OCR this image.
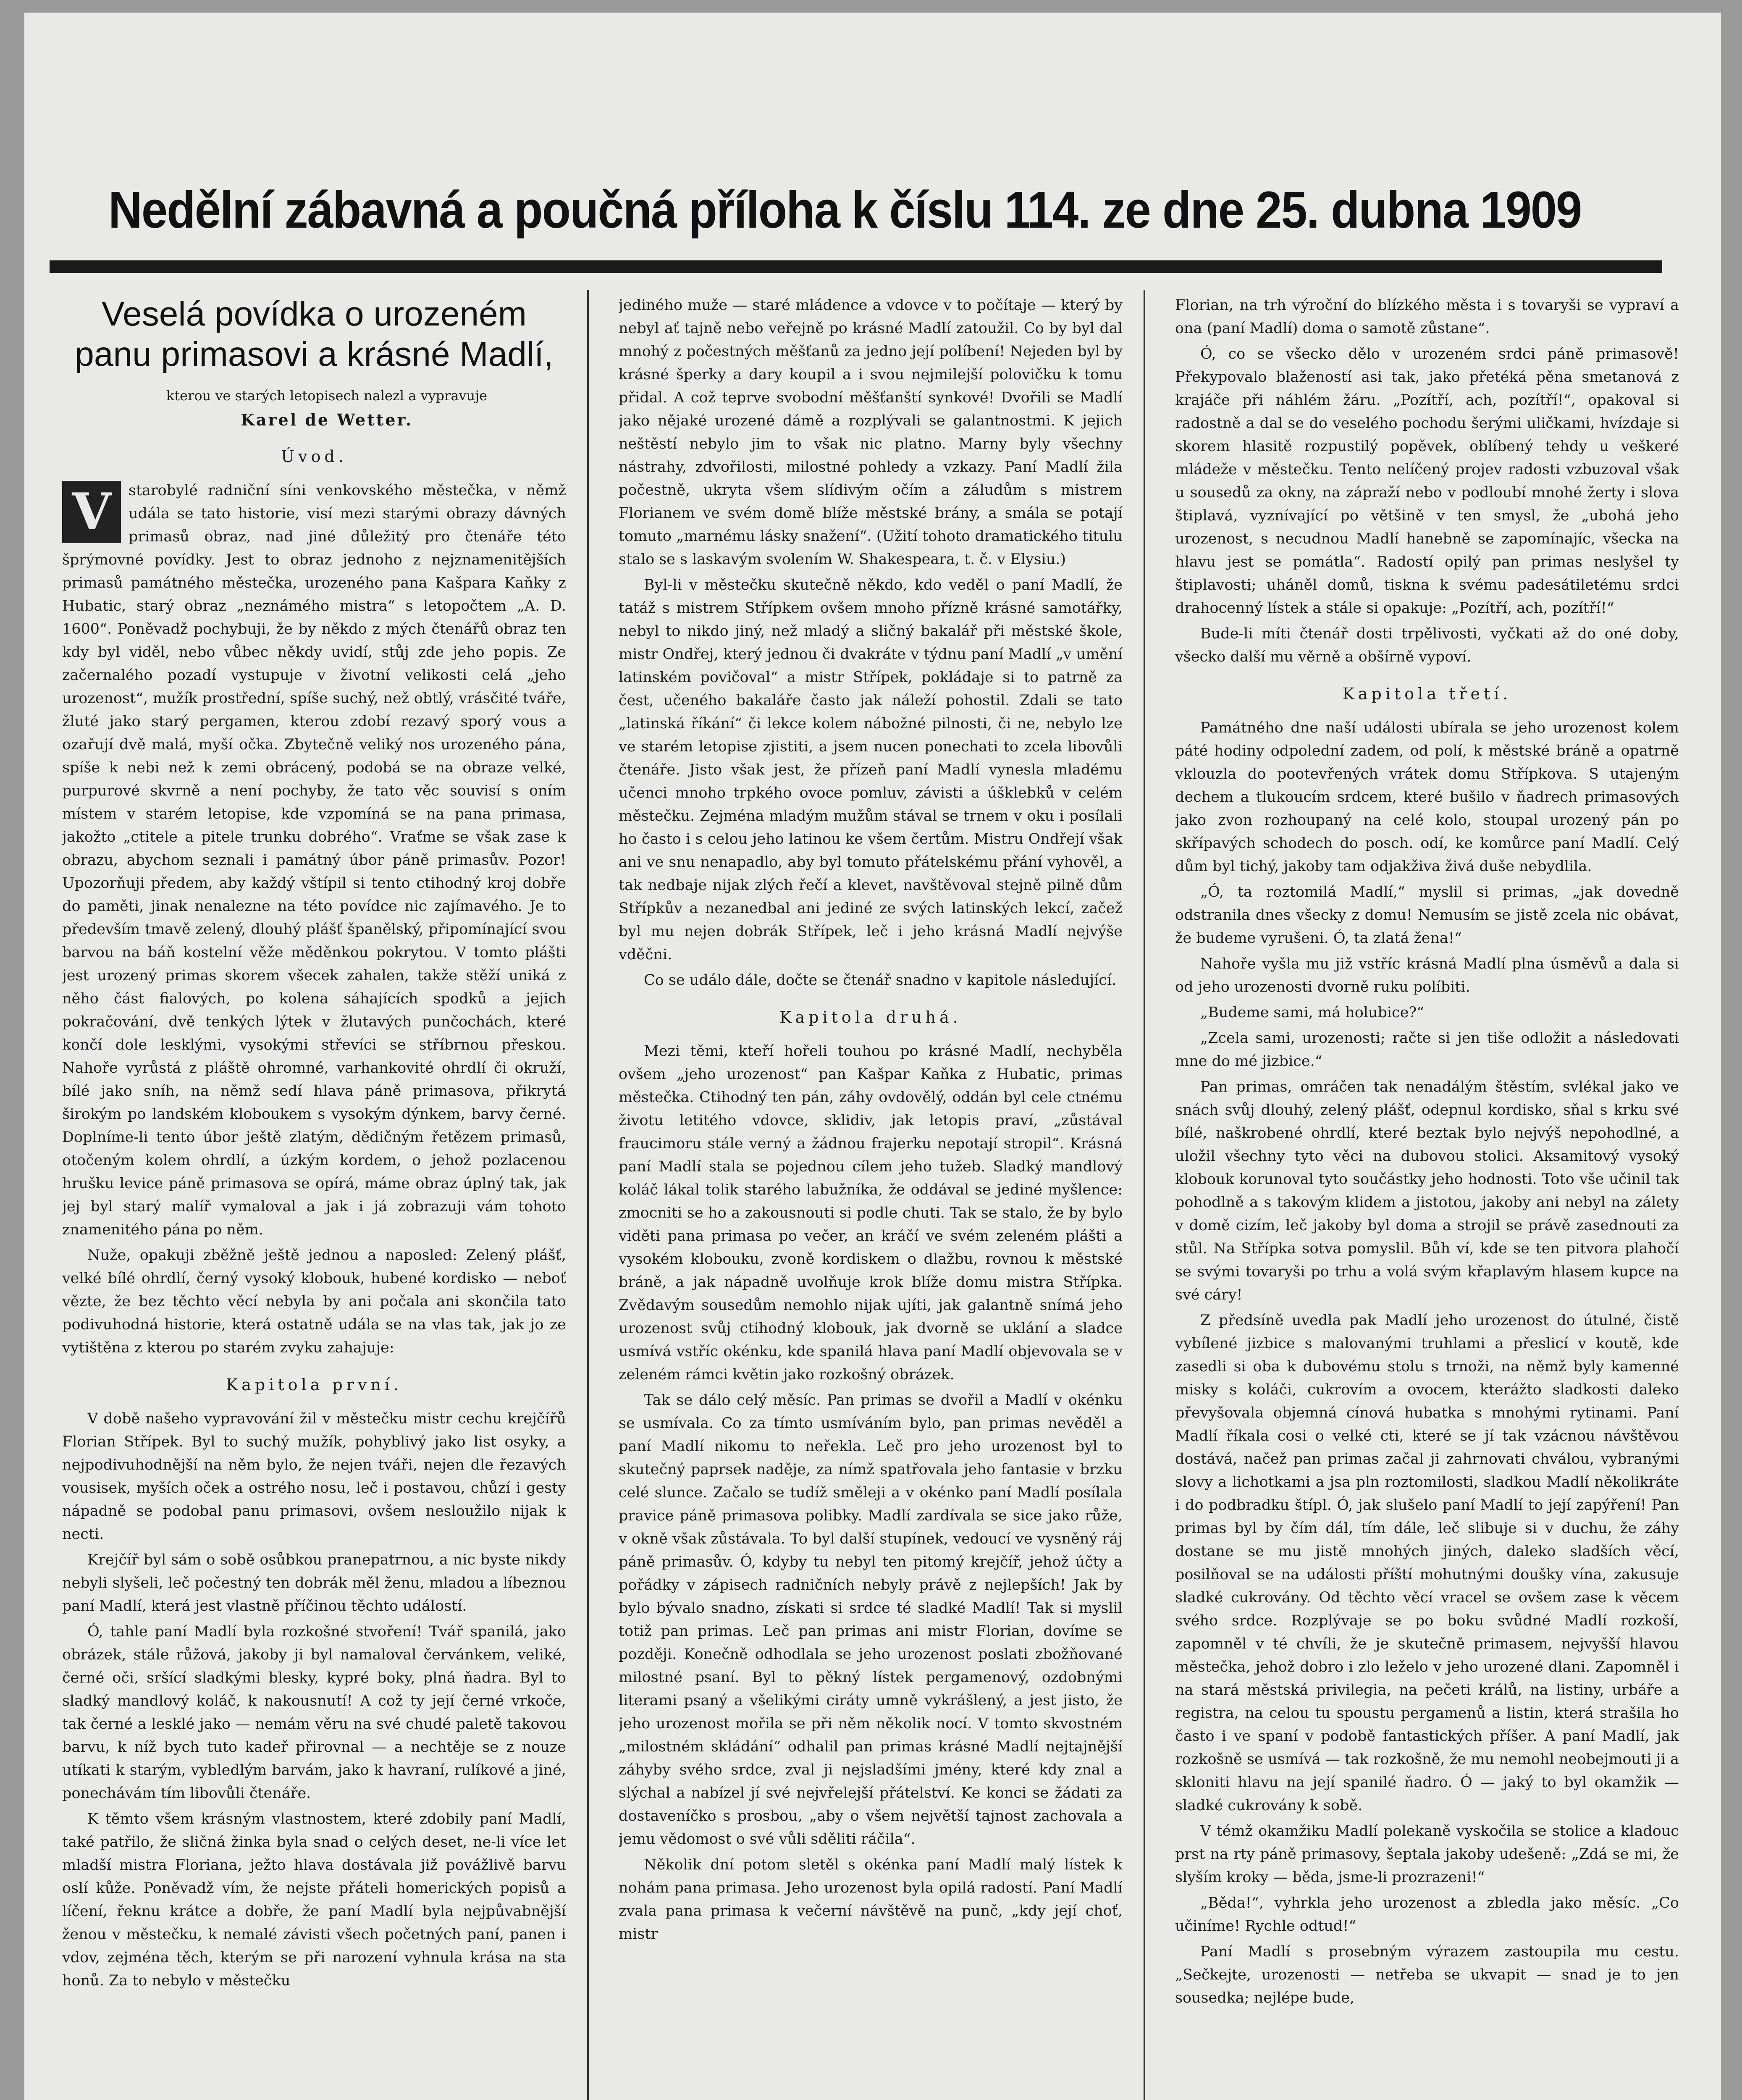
Nedělní zábavná a poučná příloha k číslu 114. ze dne 25. dubna 1909
Veselá povídka o urozeném panu primasovi a krásné Madlí,

kterou ve starých letopisech nalezl a vypravuje

Karel de Wetter.

Úvod.
V	starobylé radniční síni venkovského městečka, v němž udála se tato historie, visí mezi starými obrazy dávných primasů obraz, nad jiné důležitý pro čtenáře této šprýmovné povídky. Jest to obraz jednoho z nejznamenitějších primasů památného městečka, urozeného pana Kašpara Kaňky z Hubatic, starý obraz „neznámého mistra“ s letopočtem „A. D. 1600“. Poněvadž pochybuji, že by někdo z mých čtenářů obraz ten kdy byl viděl, nebo vůbec někdy uvidí, stůj zde jeho popis. Ze začernalého pozadí vystupuje v životní velikosti celá „jeho urozenost“, mužík prostřední, spíše suchý, než obtlý, vrásčité tváře, žluté jako starý pergamen, kterou zdobí rezavý sporý vous a ozařují dvě malá, myší očka. Zbytečně veliký nos urozeného pána, spíše k nebi než k zemi obrácený, podobá se na obraze velké, purpurové skvrně a není pochyby, že tato věc souvisí s oním místem v starém letopise, kde vzpomíná se na pana primasa, jakožto „ctitele a pitele trunku dobrého“. Vraťme se však zase k obrazu, abychom seznali i památný úbor páně primasův. Pozor! Upozorňuji předem, aby každý vštípil si tento ctihodný kroj dobře do paměti, jinak nenalezne na této povídce nic zajímavého. Je to především tmavě zelený, dlouhý plášť španělský, připomínající svou barvou na báň kostelní věže měděnkou pokrytou. V tomto plášti jest urozený primas skorem všecek zahalen, takže stěží uniká z něho část fialových, po kolena sáhajících spodků a jejich pokračování, dvě tenkých lýtek v žlutavých punčochách, které končí dole lesklými, vysokými střevíci se stříbrnou přeskou. Nahoře vyrůstá z pláště ohromné, varhankovité ohrdlí či okruží, bílé jako sníh, na němž sedí hlava páně primasova, přikrytá širokým po landském kloboukem s vysokým dýnkem, barvy černé. Doplníme-li tento úbor ještě zlatým, dědičným řetězem primasů, otočeným kolem ohrdlí, a úzkým kordem, o jehož pozlacenou hrušku levice páně primasova se opírá, máme obraz úplný tak, jak jej byl starý malíř vymaloval a jak i já zobrazuji vám tohoto znamenitého pána po něm.

Nuže, opakuji zběžně ještě jednou a naposled: Zelený plášť, velké bílé ohrdlí, černý vysoký klobouk, hubené kordisko — neboť vězte, že bez těchto věcí nebyla by ani počala ani skončila tato podivuhodná historie, která ostatně udála se na vlas tak, jak jo ze vytištěna z kterou po starém zvyku zahajuje:

Kapitola první.

V době našeho vypravování žil v městečku mistr cechu krejčířů Florian Střípek. Byl to suchý mužík, pohyblivý jako list osyky, a nejpodivuhodnější na něm bylo, že nejen tváři, nejen dle řezavých vousisek, myších oček a ostrého nosu, leč i postavou, chůzí i gesty nápadně se podobal panu primasovi, ovšem nesloužilo nijak k necti.

Krejčíř byl sám o sobě osůbkou pranepatrnou, a nic byste nikdy nebyli slyšeli, leč počestný ten dobrák měl ženu, mladou a líbeznou paní Madlí, která jest vlastně příčinou těchto událostí.

Ó, tahle paní Madlí byla rozkošné stvoření! Tvář spanilá, jako obrázek, stále růžová, jakoby ji byl namaloval červánkem, veliké, černé oči, sršící sladkými blesky, kypré boky, plná ňadra. Byl to sladký mandlový koláč, k nakousnutí! A což ty její černé vrkoče, tak černé a lesklé jako — nemám věru na své chudé paletě takovou barvu, k níž bych tuto kadeř přirovnal — a nechtěje se z nouze utíkati k starým, vybledlým barvám, jako k havraní, rulíkové a jiné, ponechávám tím libovůli čtenáře.

K těmto všem krásným vlastnostem, které zdobily paní Madlí, také patřilo, že sličná žinka byla snad o celých deset, ne-li více let mladší mistra Floriana, ježto hlava dostávala již povážlivě barvu oslí kůže. Poněvadž vím, že nejste přáteli homerických popisů a líčení, řeknu krátce a dobře, že paní Madlí byla nejpůvabnější ženou v městečku, k nemalé závisti všech početných paní, panen i vdov, zejména těch, kterým se při narození vyhnula krása na sta honů. Za to nebylo v městečku

jediného muže — staré mládence a vdovce v to počítaje — který by nebyl ať tajně nebo veřejně po krásné Madlí zatoužil. Co by byl dal mnohý z počestných měšťanů za jedno její políbení! Nejeden byl by krásné šperky a dary koupil a i svou nejmilejší polovičku k tomu přidal. A což teprve svobodní měšťanští synkové! Dvořili se Madlí jako nějaké urozené dámě a rozplývali se galantnostmi. K jejich neštěstí nebylo jim to však nic platno. Marny byly všechny nástrahy, zdvořilosti, milostné pohledy a vzkazy. Paní Madlí žila počestně, ukryta všem slídivým očím a záludům s mistrem Florianem ve svém domě blíže městské brány, a smála se potají tomuto „marnému lásky snažení“. (Užití tohoto dramatického titulu stalo se s laskavým svolením W. Shakespeara, t. č. v Elysiu.)

Byl-li v městečku skutečně někdo, kdo veděl o paní Madlí, že tatáž s mistrem Střípkem ovšem mnoho přízně krásné samotářky, nebyl to nikdo jiný, než mladý a sličný bakalář při městské škole, mistr Ondřej, který jednou či dvakráte v týdnu paní Madlí „v umění latinském povičoval“ a mistr Střípek, pokládaje si to patrně za čest, učeného bakaláře často jak náleží pohostil. Zdali se tato „latinská říkání“ či lekce kolem nábožné pilnosti, či ne, nebylo lze ve starém letopise zjistiti, a jsem nucen ponechati to zcela libovůli čtenáře. Jisto však jest, že přízeň paní Madlí vynesla mladému učenci mnoho trpkého ovoce pomluv, závisti a úšklebků v celém městečku. Zejména mladým mužům stával se trnem v oku i posílali ho často i s celou jeho latinou ke všem čertům. Mistru Ondřejí však ani ve snu nenapadlo, aby byl tomuto přátelskému přání vyhověl, a tak nedbaje nijak zlých řečí a klevet, navštěvoval stejně pilně dům Střípkův a nezanedbal ani jediné ze svých latinských lekcí, začež byl mu nejen dobrák Střípek, leč i jeho krásná Madlí nejvýše vděčni.

Co se událo dále, dočte se čtenář snadno v kapitole následující.

Kapitola druhá.

Mezi těmi, kteří hořeli touhou po krásné Madlí, nechyběla ovšem „jeho urozenost“ pan Kašpar Kaňka z Hubatic, primas městečka. Ctihodný ten pán, záhy ovdovělý, oddán byl cele ctnému životu letitého vdovce, sklidiv, jak letopis praví, „zůstával fraucimoru stále verný a žádnou frajerku nepotají stropil“. Krásná paní Madlí stala se pojednou cílem jeho tužeb. Sladký mandlový koláč lákal tolik starého labužníka, že oddával se jediné myšlence: zmocniti se ho a zakousnouti si podle chuti. Tak se stalo, že by bylo viděti pana primasa po večer, an kráčí ve svém zeleném plášti a vysokém klobouku, zvoně kordiskem o dlažbu, rovnou k městské bráně, a jak nápadně uvolňuje krok blíže domu mistra Střípka. Zvědavým sousedům nemohlo nijak ujíti, jak galantně snímá jeho urozenost svůj ctihodný klobouk, jak dvorně se uklání a sladce usmívá vstříc okénku, kde spanilá hlava paní Madlí objevovala se v zeleném rámci květin jako rozkošný obrázek.

Tak se dálo celý měsíc. Pan primas se dvořil a Madlí v okénku se usmívala. Co za tímto usmíváním bylo, pan primas nevěděl a paní Madlí nikomu to neřekla. Leč pro jeho urozenost byl to skutečný paprsek naděje, za nímž spatřovala jeho fantasie v brzku celé slunce. Začalo se tudíž směleji a v okénko paní Madlí posílala pravice páně primasova polibky. Madlí zardívala se sice jako růže, v okně však zůstávala. To byl další stupínek, vedoucí ve vysněný ráj páně primasův. Ó, kdyby tu nebyl ten pitomý krejčíř, jehož účty a pořádky v zápisech radničních nebyly právě z nejlepších! Jak by bylo bývalo snadno, získati si srdce té sladké Madlí! Tak si myslil totiž pan primas. Leč pan primas ani mistr Florian, dovíme se později. Konečně odhodlala se jeho urozenost poslati zbožňované milostné psaní. Byl to pěkný lístek pergamenový, ozdobnými literami psaný a všelikými ciráty umně vykrášlený, a jest jisto, že jeho urozenost mořila se při něm několik nocí. V tomto skvostném „milostném skládání“ odhalil pan primas krásné Madlí nejtajnější záhyby svého srdce, zval ji nejsladšími jmény, které kdy znal a slýchal a nabízel jí své nejvřelejší přátelství. Ke konci se žádati za dostaveníčko s prosbou, „aby o všem největší tajnost zachovala a jemu vědomost o své vůli sděliti ráčila“.

Několik dní potom sletěl s okénka paní Madlí malý lístek k nohám pana primasa. Jeho urozenost byla opilá radostí. Paní Madlí zvala pana primasa k večerní návštěvě na punč, „kdy její choť, mistr

Florian, na trh výroční do blízkého města i s tovaryši se vypraví a ona (paní Madlí) doma o samotě zůstane“.

Ó, co se všecko dělo v urozeném srdci páně primasově! Překypovalo blažeností asi tak, jako přetéká pěna smetanová z krajáče při náhlém žáru. „Pozítří, ach, pozítří!“, opakoval si radostně a dal se do veselého pochodu šerými uličkami, hvízdaje si skorem hlasitě rozpustilý popěvek, oblíbený tehdy u veškeré mládeže v městečku. Tento nelíčený projev radosti vzbuzoval však u sousedů za okny, na zápraží nebo v podloubí mnohé žerty i slova štiplavá, vyznívající po většině v ten smysl, že „ubohá jeho urozenost, s necudnou Madlí hanebně se zapomínajíc, všecka na hlavu jest se pomátla“. Radostí opilý pan primas neslyšel ty štiplavosti; uháněl domů, tiskna k svému padesátiletému srdci drahocenný lístek a stále si opakuje: „Pozítří, ach, pozítří!“

Bude-li míti čtenář dosti trpělivosti, vyčkati až do oné doby, všecko další mu věrně a obšírně vypoví.

Kapitola třetí.

Památného dne naší události ubírala se jeho urozenost kolem páté hodiny odpolední zadem, od polí, k městské bráně a opatrně vklouzla do pootevřených vrátek domu Střípkova. S utajeným dechem a tlukoucím srdcem, které bušilo v ňadrech primasových jako zvon rozhoupaný na celé kolo, stoupal urozený pán po skřípavých schodech do posch. odí, ke komůrce paní Madlí. Celý dům byl tichý, jakoby tam odjakživa živá duše nebydlila.

„Ó, ta roztomilá Madlí,“ myslil si primas, „jak dovedně odstranila dnes všecky z domu! Nemusím se jistě zcela nic obávat, že budeme vyrušeni. Ó, ta zlatá žena!“

Nahoře vyšla mu již vstříc krásná Madlí plna úsměvů a dala si od jeho urozenosti dvorně ruku políbiti.

„Budeme sami, má holubice?“

„Zcela sami, urozenosti; račte si jen tiše odložit a následovati mne do mé jizbice.“

Pan primas, omráčen tak nenadálým štěstím, svlékal jako ve snách svůj dlouhý, zelený plášť, odepnul kordisko, sňal s krku své bílé, naškrobené ohrdlí, které beztak bylo nejvýš nepohodlné, a uložil všechny tyto věci na dubovou stolici. Aksamitový vysoký klobouk korunoval tyto součástky jeho hodnosti. Toto vše učinil tak pohodlně a s takovým klidem a jistotou, jakoby ani nebyl na zálety v domě cizím, leč jakoby byl doma a strojil se právě zasednouti za stůl. Na Střípka sotva pomyslil. Bůh ví, kde se ten pitvora plahočí se svými tovaryši po trhu a volá svým křaplavým hlasem kupce na své cáry!

Z předsíně uvedla pak Madlí jeho urozenost do útulné, čistě vybílené jizbice s malovanými truhlami a přeslicí v koutě, kde zasedli si oba k dubovému stolu s trnoži, na němž byly kamenné misky s koláči, cukrovím a ovocem, kterážto sladkosti daleko převyšovala objemná cínová hubatka s mnohými rytinami. Paní Madlí říkala cosi o velké cti, které se jí tak vzácnou návštěvou dostává, načež pan primas začal ji zahrnovati chválou, vybranými slovy a lichotkami a jsa pln roztomilosti, sladkou Madlí několikráte i do podbradku štípl. Ó, jak slušelo paní Madlí to její zapýření! Pan primas byl by čím dál, tím dále, leč slibuje si v duchu, že záhy dostane se mu jistě mnohých jiných, dalekо sladších věcí, posilňoval se na události příští mohutnými doušky vína, zakusuje sladké cukrovány. Od těchto věcí vracel se ovšem zase k věcem svého srdce. Rozplývaje se po boku svůdné Madlí rozkoší, zapomněl v té chvíli, že je skutečně primasem, nejvyšší hlavou městečka, jehož dobro i zlo leželo v jeho urozené dlani. Zapomněl i na stará městská privilegia, na pečeti králů, na listiny, urbáře a registra, na celou tu spoustu pergamenů a listin, která strašila ho často i ve spaní v podobě fantastických příšer. A paní Madlí, jak rozkošně se usmívá — tak rozkošně, že mu nemohl neobejmouti ji a skloniti hlavu na její spanilé ňadro. Ó — jaký to byl okamžik — sladké cukrovány k sobě.

V témž okamžiku Madlí polekaně vyskočila se stolice a kladouc prst na rty páně primasovy, šeptala jakoby udešeně: „Zdá se mi, že slyším kroky — běda, jsme-li prozrazeni!“

„Běda!“, vyhrkla jeho urozenost a zbledla jako měsíc. „Co učiníme! Rychle odtud!“

Paní Madlí s prosebným výrazem zastoupila mu cestu. „Sečkejte, urozenosti — netřeba se ukvapit — snad je to jen sousedka; nejlépe bude,
